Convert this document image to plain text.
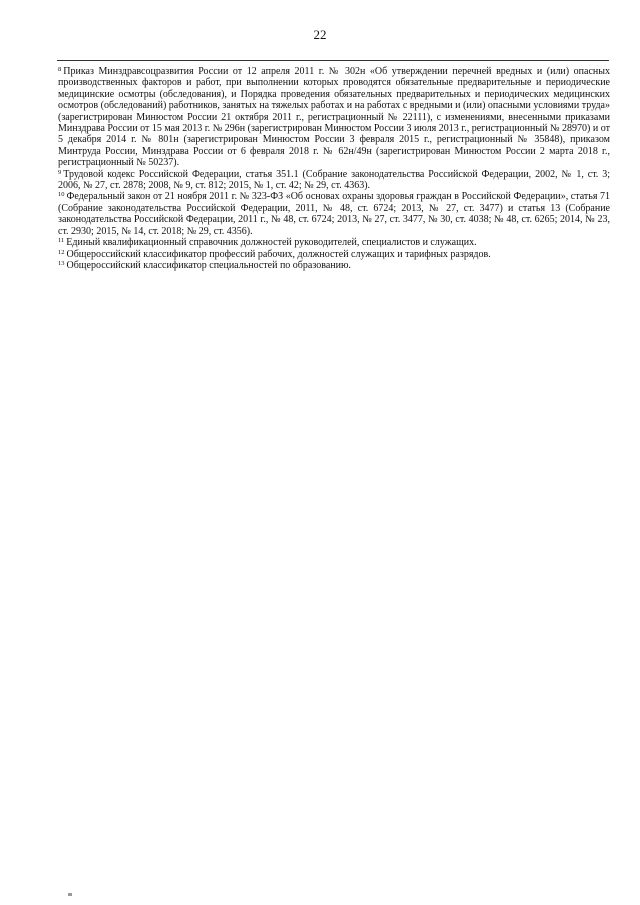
22

$^8$ Приказ Минздравсоцразвития России от 12 апреля 2011 г. № 302н «Об утверждении перечней вредных и (или) опасных производственных факторов и работ, при выполнении которых проводятся обязательные предварительные и периодические медицинские осмотры (обследования), и Порядка проведения обязательных предварительных и периодических медицинских осмотров (обследований) работников, занятых на тяжелых работах и на работах с вредными и (или) опасными условиями труда» (зарегистрирован Минюстом России 21 октября 2011 г., регистрационный № 22111), с изменениями, внесенными приказами Минздрава России от 15 мая 2013 г. № 296н (зарегистрирован Минюстом России 3 июля 2013 г., регистрационный № 28970) и от 5 декабря 2014 г. № 801н (зарегистрирован Минюстом России 3 февраля 2015 г., регистрационный № 35848), приказом Минтруда России, Минздрава России от 6 февраля 2018 г. № 62н/49н (зарегистрирован Минюстом России 2 марта 2018 г., регистрационный № 50237).

$^9$ Трудовой кодекс Российской Федерации, статья 351.1 (Собрание законодательства Российской Федерации, 2002, № 1, ст. 3; 2006, № 27, ст. 2878; 2008, № 9, ст. 812; 2015, № 1, ст. 42; № 29, ст. 4363).

$^{10}$ Федеральный закон от 21 ноября 2011 г. № 323-ФЗ «Об основах охраны здоровья граждан в Российской Федерации», статья 71 (Собрание законодательства Российской Федерации, 2011, № 48, ст. 6724; 2013, № 27, ст. 3477) и статья 13 (Собрание законодательства Российской Федерации, 2011 г., № 48, ст. 6724; 2013, № 27, ст. 3477, № 30, ст. 4038; № 48, ст. 6265; 2014, № 23, ст. 2930; 2015, № 14, ст. 2018; № 29, ст. 4356).

$^{11}$ Единый квалификационный справочник должностей руководителей, специалистов и служащих.

$^{12}$ Общероссийский классификатор профессий рабочих, должностей служащих и тарифных разрядов.

$^{13}$ Общероссийский классификатор специальностей по образованию.
